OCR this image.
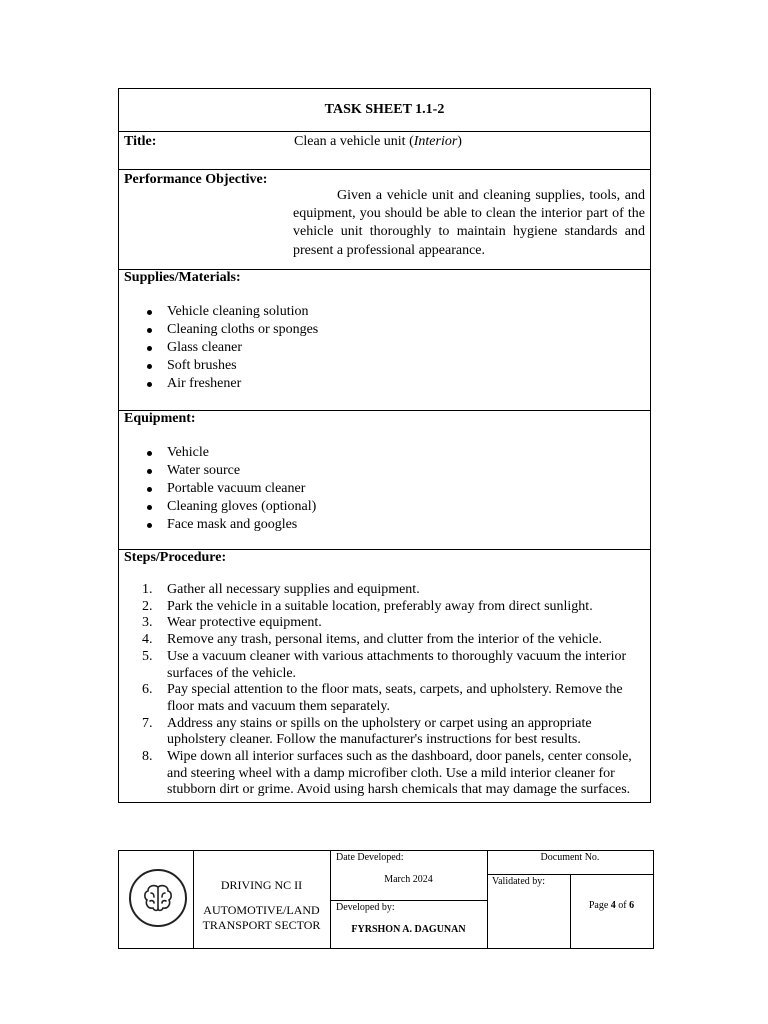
TASK SHEET 1.1-2
Title:	Clean a vehicle unit (Interior)
Performance Objective:
Given a vehicle unit and cleaning supplies, tools, and equipment, you should be able to clean the interior part of the vehicle unit thoroughly to maintain hygiene standards and present a professional appearance.
Supplies/Materials:
Vehicle cleaning solution
Cleaning cloths or sponges
Glass cleaner
Soft brushes
Air freshener
Equipment:
Vehicle
Water source
Portable vacuum cleaner
Cleaning gloves (optional)
Face mask and googles
Steps/Procedure:
1. Gather all necessary supplies and equipment.
2. Park the vehicle in a suitable location, preferably away from direct sunlight.
3. Wear protective equipment.
4. Remove any trash, personal items, and clutter from the interior of the vehicle.
5. Use a vacuum cleaner with various attachments to thoroughly vacuum the interior surfaces of the vehicle.
6. Pay special attention to the floor mats, seats, carpets, and upholstery. Remove the floor mats and vacuum them separately.
7. Address any stains or spills on the upholstery or carpet using an appropriate upholstery cleaner. Follow the manufacturer's instructions for best results.
8. Wipe down all interior surfaces such as the dashboard, door panels, center console, and steering wheel with a damp microfiber cloth. Use a mild interior cleaner for stubborn dirt or grime. Avoid using harsh chemicals that may damage the surfaces.
DRIVING NC II
AUTOMOTIVE/LAND TRANSPORT SECTOR
Date Developed:
March 2024
Developed by:
FYRSHON A. DAGUNAN
Document No.
Validated by:
Page 4 of 6
